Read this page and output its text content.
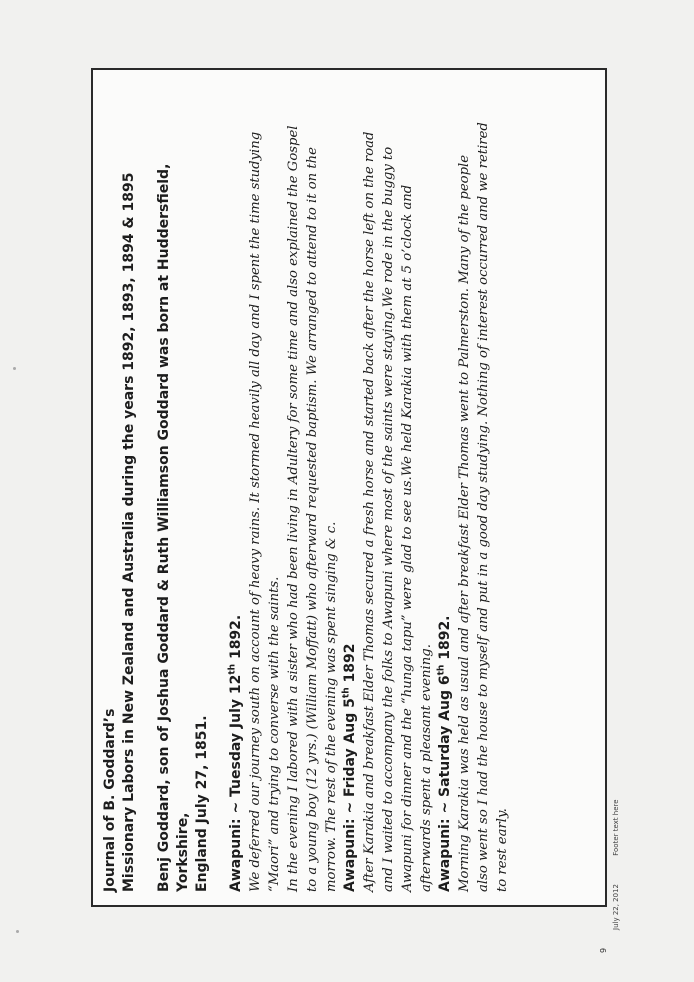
Journal of B. Goddard’s Missionary Labors in New Zealand and Australia during the years 1892, 1893, 1894 & 1895 Benj Goddard, son of Joshua Goddard & Ruth Williamson Goddard was born at Huddersfield, Yorkshire, England July 27, 1851. Awapuni: ~ Tuesday July 12th 1892. We deferred our journey south on account of heavy rains. It stormed heavily all day and I spent the time studying “Maori” and trying to converse with the saints. In the evening I labored with a sister who had been living in Adultery for some time and also explained the Gospel to a young boy (12 yrs.) (William Moffatt) who afterward requested baptism. We arranged to attend to it on the morrow. The rest of the evening was spent singing & c. Awapuni: ~ Friday Aug 5th 1892 After Karakia and breakfast Elder Thomas secured a fresh horse and started back after the horse left on the road and I waited to accompany the folks to Awapuni where most of the saints were staying.We rode in the buggy to Awapuni for dinner and the “hunga tapu” were glad to see us.We held Karakia with them at 5 o’clock and afterwards spent a pleasant evening. Awapuni: ~ Saturday Aug 6th 1892. Morning Karakia was held as usual and after breakfast Elder Thomas went to Palmerston. Many of the people also went so I had the house to myself and put in a good day studying. Nothing of interest occurred and we retired to rest early.

July 22, 2012 Footer text here
9
